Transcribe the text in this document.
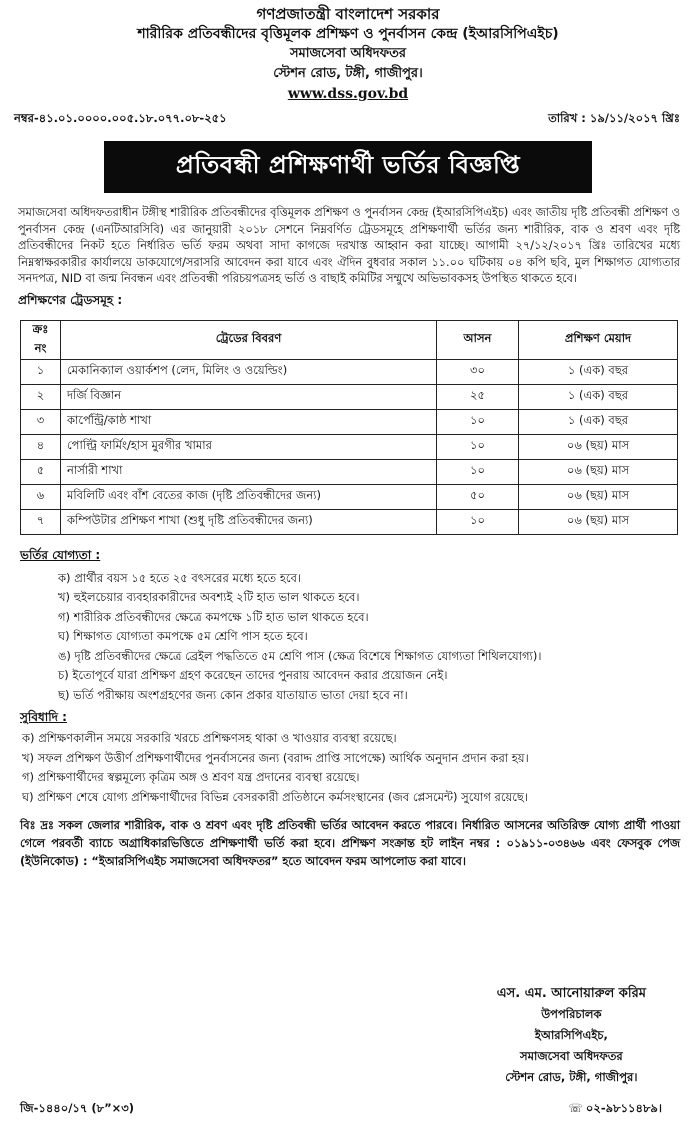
গণপ্রজাতন্ত্রী বাংলাদেশ সরকার
শারীরিক প্রতিবন্ধীদের বৃত্তিমূলক প্রশিক্ষণ ও পুনর্বাসন কেন্দ্র (ইআরসিপিএইচ)
সমাজসেবা অধিদফতর
স্টেশন রোড, টঙ্গী, গাজীপুর।
www.dss.gov.bd
নম্বর-৪১.০১.০০০০.০০৫.১৮.০৭৭.০৮-২৫১	তারিখ : ১৯/১১/২০১৭ খ্রিঃ
প্রতিবন্ধী প্রশিক্ষণার্থী ভর্তির বিজ্ঞপ্তি

সমাজসেবা অধিদফতরাধীন টঙ্গীস্থ শারীরিক প্রতিবন্ধীদের বৃত্তিমূলক প্রশিক্ষণ ও পুনর্বাসন কেন্দ্র (ইআরসিপিএইচ) এবং জাতীয় দৃষ্টি প্রতিবন্ধী প্রশিক্ষণ ও পুনর্বাসন কেন্দ্র (এনটিআরসিবি) এর জানুয়ারী ২০১৮ সেশনে নিম্নবর্ণিত ট্রেডসমূহে প্রশিক্ষণার্থী ভর্তির জন্য শারীরিক, বাক ও শ্রবণ এবং দৃষ্টি প্রতিবন্ধীদের নিকট হতে নির্ধারিত ভর্তি ফরম অথবা সাদা কাগজে দরখাস্ত আহ্বান করা যাচ্ছে। আগামী ২৭/১২/২০১৭ খ্রিঃ তারিখের মধ্যে নিম্নস্বাক্ষরকারীর কার্যালয়ে ডাকযোগে/সরাসরি আবেদন করা যাবে এবং ঐদিন বুধবার সকাল ১১.০০ ঘটিকায় ০৪ কপি ছবি, মুল শিক্ষাগত যোগ্যতার সনদপত্র, NID বা জন্ম নিবন্ধন এবং প্রতিবন্ধী পরিচয়পত্রসহ ভর্তি ও বাছাই কমিটির সম্মুখে অভিভাবকসহ উপস্থিত থাকতে হবে।

প্রশিক্ষণের ট্রেডসমূহ :
ক্রঃ নং	ট্রেডের বিবরণ	আসন	প্রশিক্ষণ মেয়াদ
১	মেকানিক্যাল ওয়ার্কশপ (লেদ, মিলিং ও ওয়েল্ডিং)	৩০	১ (এক) বছর
২	দর্জি বিজ্ঞান	২৫	১ (এক) বছর
৩	কার্পেন্ট্রি/কাষ্ঠ শাখা	১০	১ (এক) বছর
৪	পোল্ট্রি ফার্মিং/হাস মুরগীর খামার	১০	০৬ (ছয়) মাস
৫	নার্সারী শাখা	১০	০৬ (ছয়) মাস
৬	মবিলিটি এবং বাঁশ বেতের কাজ (দৃষ্টি প্রতিবন্ধীদের জন্য)	৫০	০৬ (ছয়) মাস
৭	কম্পিউটার প্রশিক্ষণ শাখা (শুধু দৃষ্টি প্রতিবন্ধীদের জন্য)	১০	০৬ (ছয়) মাস
ভর্তির যোগ্যতা :
ক) প্রার্থীর বয়স ১৫ হতে ২৫ বৎসরের মধ্যে হতে হবে।
খ) হুইলচেয়ার ব্যবহারকারীদের অবশ্যই ২টি হাত ভাল থাকতে হবে।
গ) শারীরিক প্রতিবন্ধীদের ক্ষেত্রে কমপক্ষে ১টি হাত ভাল থাকতে হবে।
ঘ) শিক্ষাগত যোগ্যতা কমপক্ষে ৫ম শ্রেণি পাস হতে হবে।
ঙ) দৃষ্টি প্রতিবন্ধীদের ক্ষেত্রে ব্রেইল পদ্ধতিতে ৫ম শ্রেণি পাস (ক্ষেত্র বিশেষে শিক্ষাগত যোগ্যতা শিথিলযোগ্য)।
চ) ইতোপূর্বে যারা প্রশিক্ষণ গ্রহণ করেছেন তাদের পুনরায় আবেদন করার প্রয়োজন নেই।
ছ) ভর্তি পরীক্ষায় অংশগ্রহণের জন্য কোন প্রকার যাতায়াত ভাতা দেয়া হবে না।
সুবিধাদি :
ক) প্রশিক্ষণকালীন সময়ে সরকারি খরচে প্রশিক্ষণসহ থাকা ও খাওয়ার ব্যবস্থা রয়েছে।
খ) সফল প্রশিক্ষণ উত্তীর্ণ প্রশিক্ষণার্থীদের পুনর্বাসনের জন্য (বরাদ্দ প্রাপ্তি সাপেক্ষে) আর্থিক অনুদান প্রদান করা হয়।
গ) প্রশিক্ষণার্থীদের স্বল্পমূল্যে কৃত্রিম অঙ্গ ও শ্রবণ যন্ত্র প্রদানের ব্যবস্থা রয়েছে।
ঘ) প্রশিক্ষণ শেষে যোগ্য প্রশিক্ষণার্থীদের বিভিন্ন বেসরকারী প্রতিষ্ঠানে কর্মসংস্থানের (জব প্লেসমেন্ট) সুযোগ রয়েছে।

বিঃ দ্রঃ সকল জেলার শারীরিক, বাক ও শ্রবণ এবং দৃষ্টি প্রতিবন্ধী ভর্তির আবেদন করতে পারবে। নির্ধারিত আসনের অতিরিক্ত যোগ্য প্রার্থী পাওয়া গেলে পরবর্তী ব্যাচে অগ্রাধিকারভিত্তিতে প্রশিক্ষণার্থী ভর্তি করা হবে। প্রশিক্ষণ সংক্রান্ত হট লাইন নম্বর : ০১৯১১-০৩৪৬৬ এবং ফেসবুক পেজ (ইউনিকোড) : “ইআরসিপিএইচ সমাজসেবা অধিদফতর” হতে আবেদন ফরম আপলোড করা যাবে।

এস. এম. আনোয়ারুল করিম
উপপরিচালক
ইআরসিপিএইচ,
সমাজসেবা অধিদফতর
স্টেশন রোড, টঙ্গী, গাজীপুর।
জি-১৪৪০/১৭ (৮”×৩)	☏ ০২-৯৮১১৪৮৯।
